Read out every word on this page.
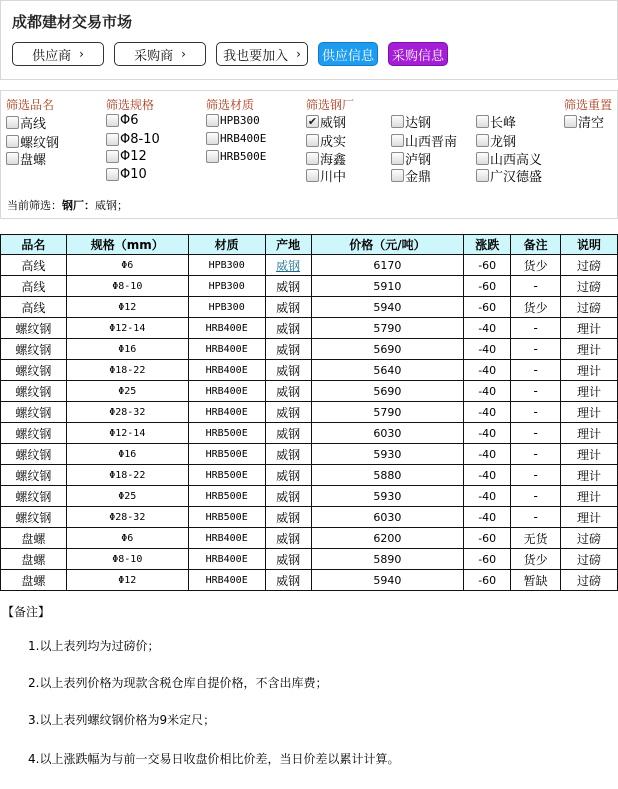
成都建材交易市场
供应商 ›	采购商 ›	我也要加入 ›	供应信息	采购信息
筛选品名	筛选规格	筛选材质	筛选钢厂	筛选重置
高线
螺纹钢
盘螺
Φ6
Φ8-10
Φ12
Φ10
HPB300
HRB400E
HRB500E
✔ 威钢
成实
海鑫
川中
达钢
山西晋南
泸钢
金鼎
长峰
龙钢
山西高义
广汉德盛
清空
当前筛选：钢厂：威钢；
品名	规格（mm）	材质	产地	价格（元/吨）	涨跌	备注	说明
高线	Φ6	HPB300	威钢	6170	-60	货少	过磅
高线	Φ8-10	HPB300	威钢	5910	-60	-	过磅
高线	Φ12	HPB300	威钢	5940	-60	货少	过磅
螺纹钢	Φ12-14	HRB400E	威钢	5790	-40	-	理计
螺纹钢	Φ16	HRB400E	威钢	5690	-40	-	理计
螺纹钢	Φ18-22	HRB400E	威钢	5640	-40	-	理计
螺纹钢	Φ25	HRB400E	威钢	5690	-40	-	理计
螺纹钢	Φ28-32	HRB400E	威钢	5790	-40	-	理计
螺纹钢	Φ12-14	HRB500E	威钢	6030	-40	-	理计
螺纹钢	Φ16	HRB500E	威钢	5930	-40	-	理计
螺纹钢	Φ18-22	HRB500E	威钢	5880	-40	-	理计
螺纹钢	Φ25	HRB500E	威钢	5930	-40	-	理计
螺纹钢	Φ28-32	HRB500E	威钢	6030	-40	-	理计
盘螺	Φ6	HRB400E	威钢	6200	-60	无货	过磅
盘螺	Φ8-10	HRB400E	威钢	5890	-60	货少	过磅
盘螺	Φ12	HRB400E	威钢	5940	-60	暂缺	过磅
【备注】
1.以上表列均为过磅价；
2.以上表列价格为现款含税仓库自提价格，不含出库费；
3.以上表列螺纹钢价格为9米定尺；
4.以上涨跌幅为与前一交易日收盘价相比价差，当日价差以累计计算。
